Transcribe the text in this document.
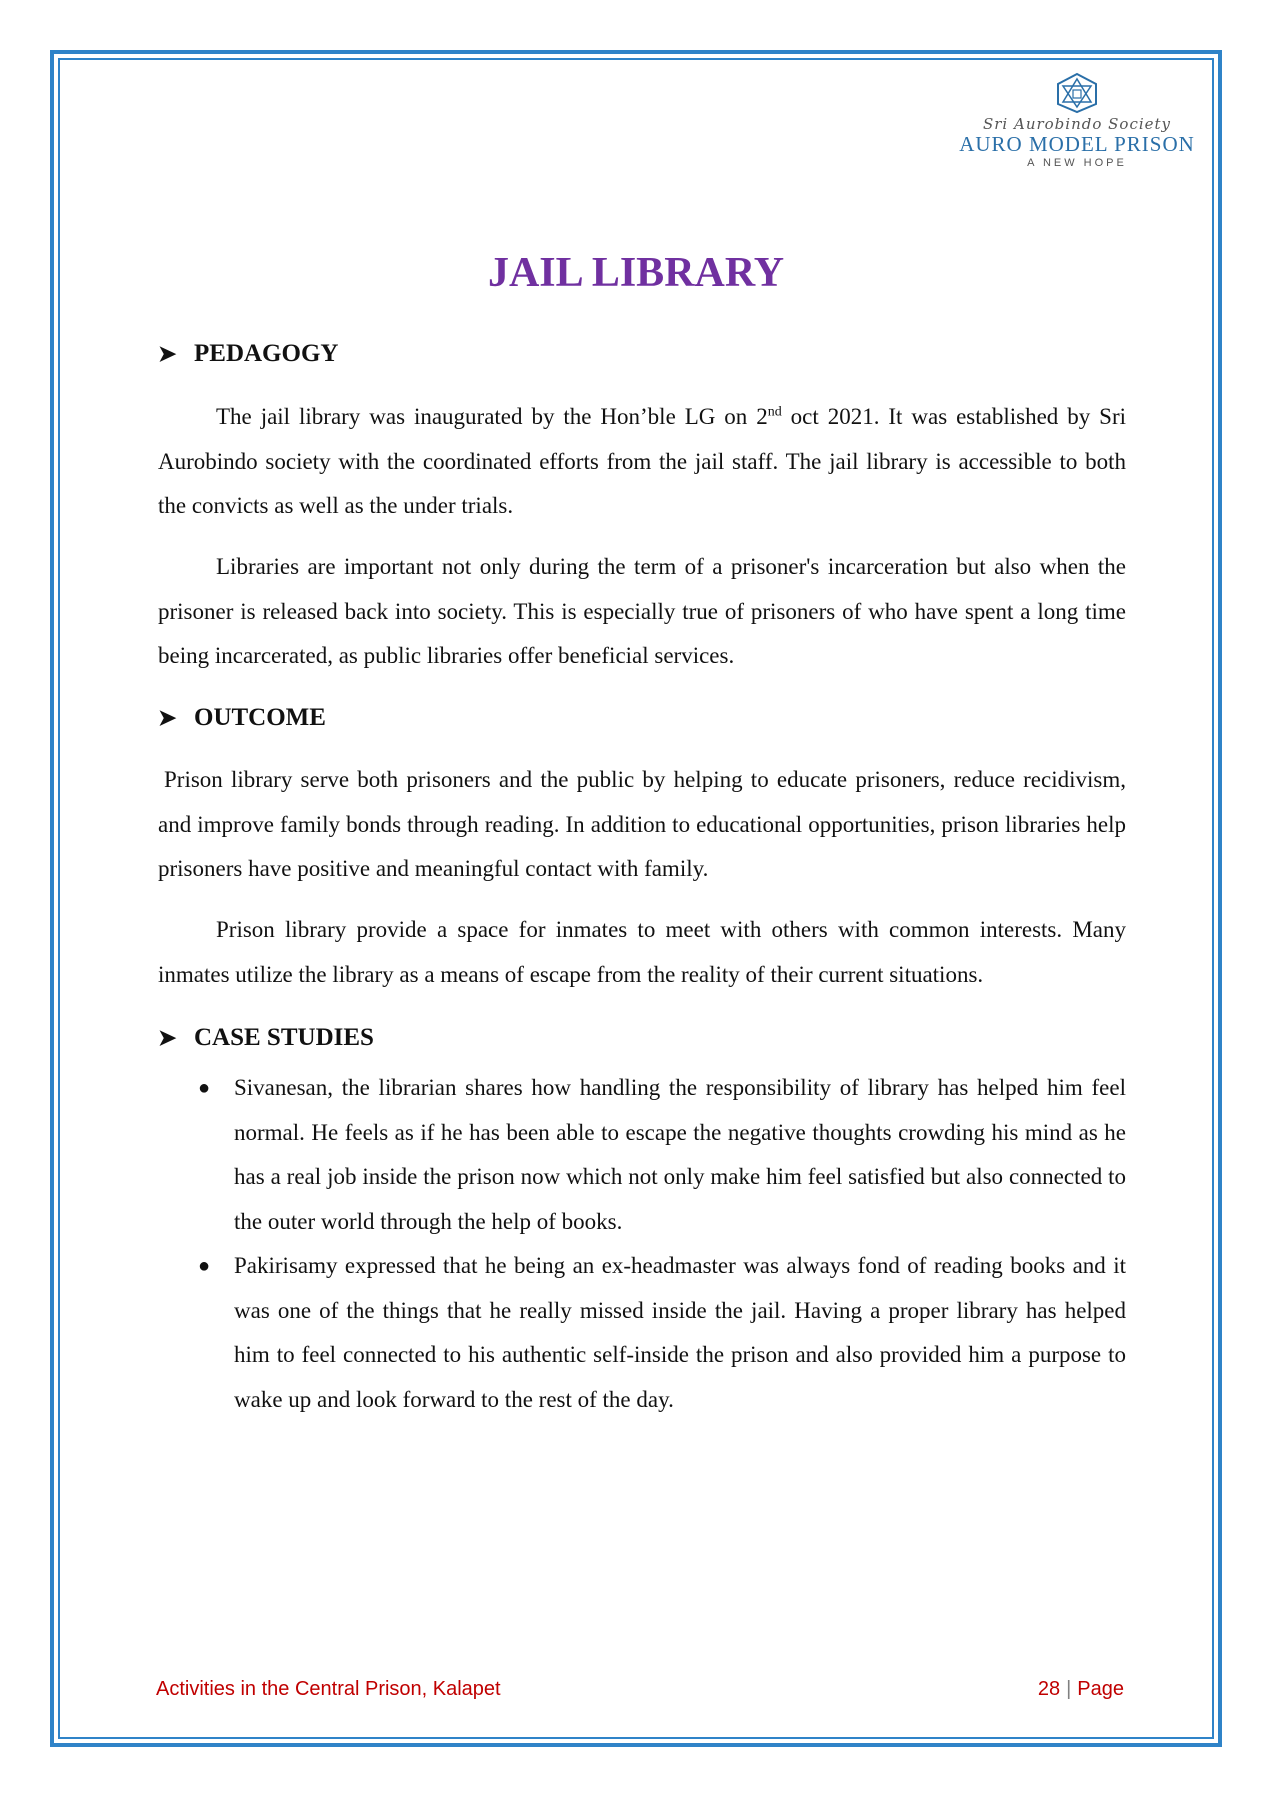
Sri Aurobindo Society
AURO MODEL PRISON
A NEW HOPE
JAIL LIBRARY
➤ PEDAGOGY

The jail library was inaugurated by the Hon’ble LG on 2nd oct 2021. It was established by Sri Aurobindo society with the coordinated efforts from the jail staff. The jail library is accessible to both the convicts as well as the under trials.

Libraries are important not only during the term of a prisoner's incarceration but also when the prisoner is released back into society. This is especially true of prisoners of who have spent a long time being incarcerated, as public libraries offer beneficial services.

➤ OUTCOME

Prison library serve both prisoners and the public by helping to educate prisoners, reduce recidivism, and improve family bonds through reading. In addition to educational opportunities, prison libraries help prisoners have positive and meaningful contact with family.

Prison library provide a space for inmates to meet with others with common interests. Many inmates utilize the library as a means of escape from the reality of their current situations.

➤ CASE STUDIES
● Sivanesan, the librarian shares how handling the responsibility of library has helped him feel normal. He feels as if he has been able to escape the negative thoughts crowding his mind as he has a real job inside the prison now which not only make him feel satisfied but also connected to the outer world through the help of books.
● Pakirisamy expressed that he being an ex-headmaster was always fond of reading books and it was one of the things that he really missed inside the jail. Having a proper library has helped him to feel connected to his authentic self-inside the prison and also provided him a purpose to wake up and look forward to the rest of the day.
Activities in the Central Prison, Kalapet	28 | Page
